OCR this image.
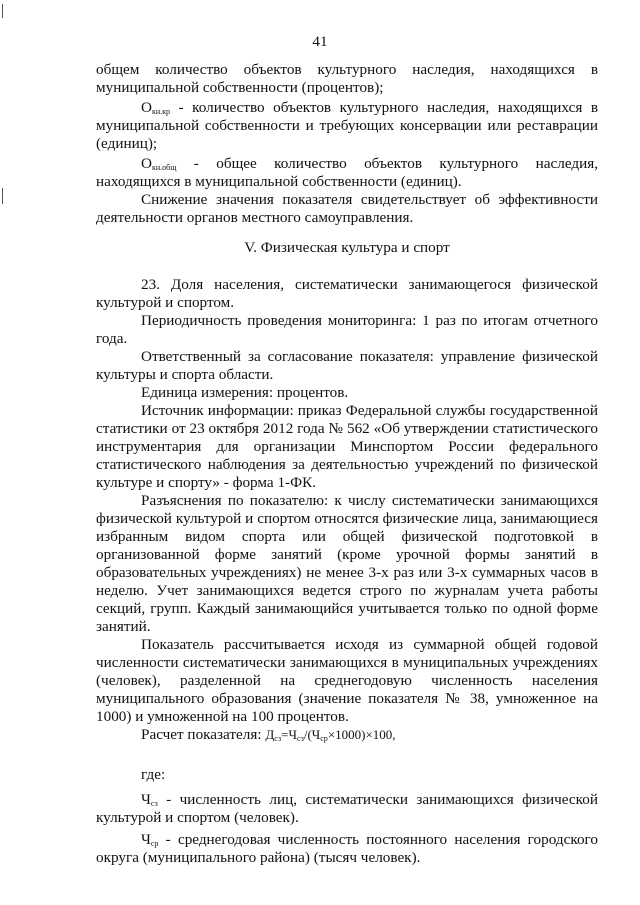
41
общем количество объектов культурного наследия, находящихся в
муниципальной собственности (процентов);
$О_{кн.кр}$ - количество объектов культурного наследия, находящихся в
муниципальной собственности и требующих консервации или реставрации
(единиц);
$О_{кн.общ}$ - общее количество объектов культурного наследия,
находящихся в муниципальной собственности (единиц).
Снижение значения показателя свидетельствует об эффективности
деятельности органов местного самоуправления.
V. Физическая культура и спорт
23. Доля населения, систематически занимающегося физической
культурой и спортом.
Периодичность проведения мониторинга: 1 раз по итогам отчетного
года.
Ответственный за согласование показателя: управление физической
культуры и спорта области.
Единица измерения: процентов.
Источник информации: приказ Федеральной службы государственной
статистики от 23 октября 2012 года № 562 «Об утверждении статистического
инструментария для организации Минспортом России федерального
статистического наблюдения за деятельностью учреждений по физической
культуре и спорту» - форма 1-ФК.
Разъяснения по показателю: к числу систематически занимающихся
физической культурой и спортом относятся физические лица, занимающиеся
избранным видом спорта или общей физической подготовкой в
организованной форме занятий (кроме урочной формы занятий в
образовательных учреждениях) не менее 3-х раз или 3-х суммарных часов в
неделю. Учет занимающихся ведется строго по журналам учета работы
секций, групп. Каждый занимающийся учитывается только по одной форме
занятий.
Показатель рассчитывается исходя из суммарной общей годовой
численности систематически занимающихся в муниципальных учреждениях
(человек), разделенной на среднегодовую численность населения
муниципального образования (значение показателя № 38, умноженное на
1000) и умноженной на 100 процентов.
Расчет показателя: $Д_{сз}=Ч_{сз}/(Ч_{ср}\times 1000)\times 100$,
где:
$Ч_{сз}$ - численность лиц, систематически занимающихся физической
культурой и спортом (человек).
$Ч_{ср}$ - среднегодовая численность постоянного населения городского
округа (муниципального района) (тысяч человек).
